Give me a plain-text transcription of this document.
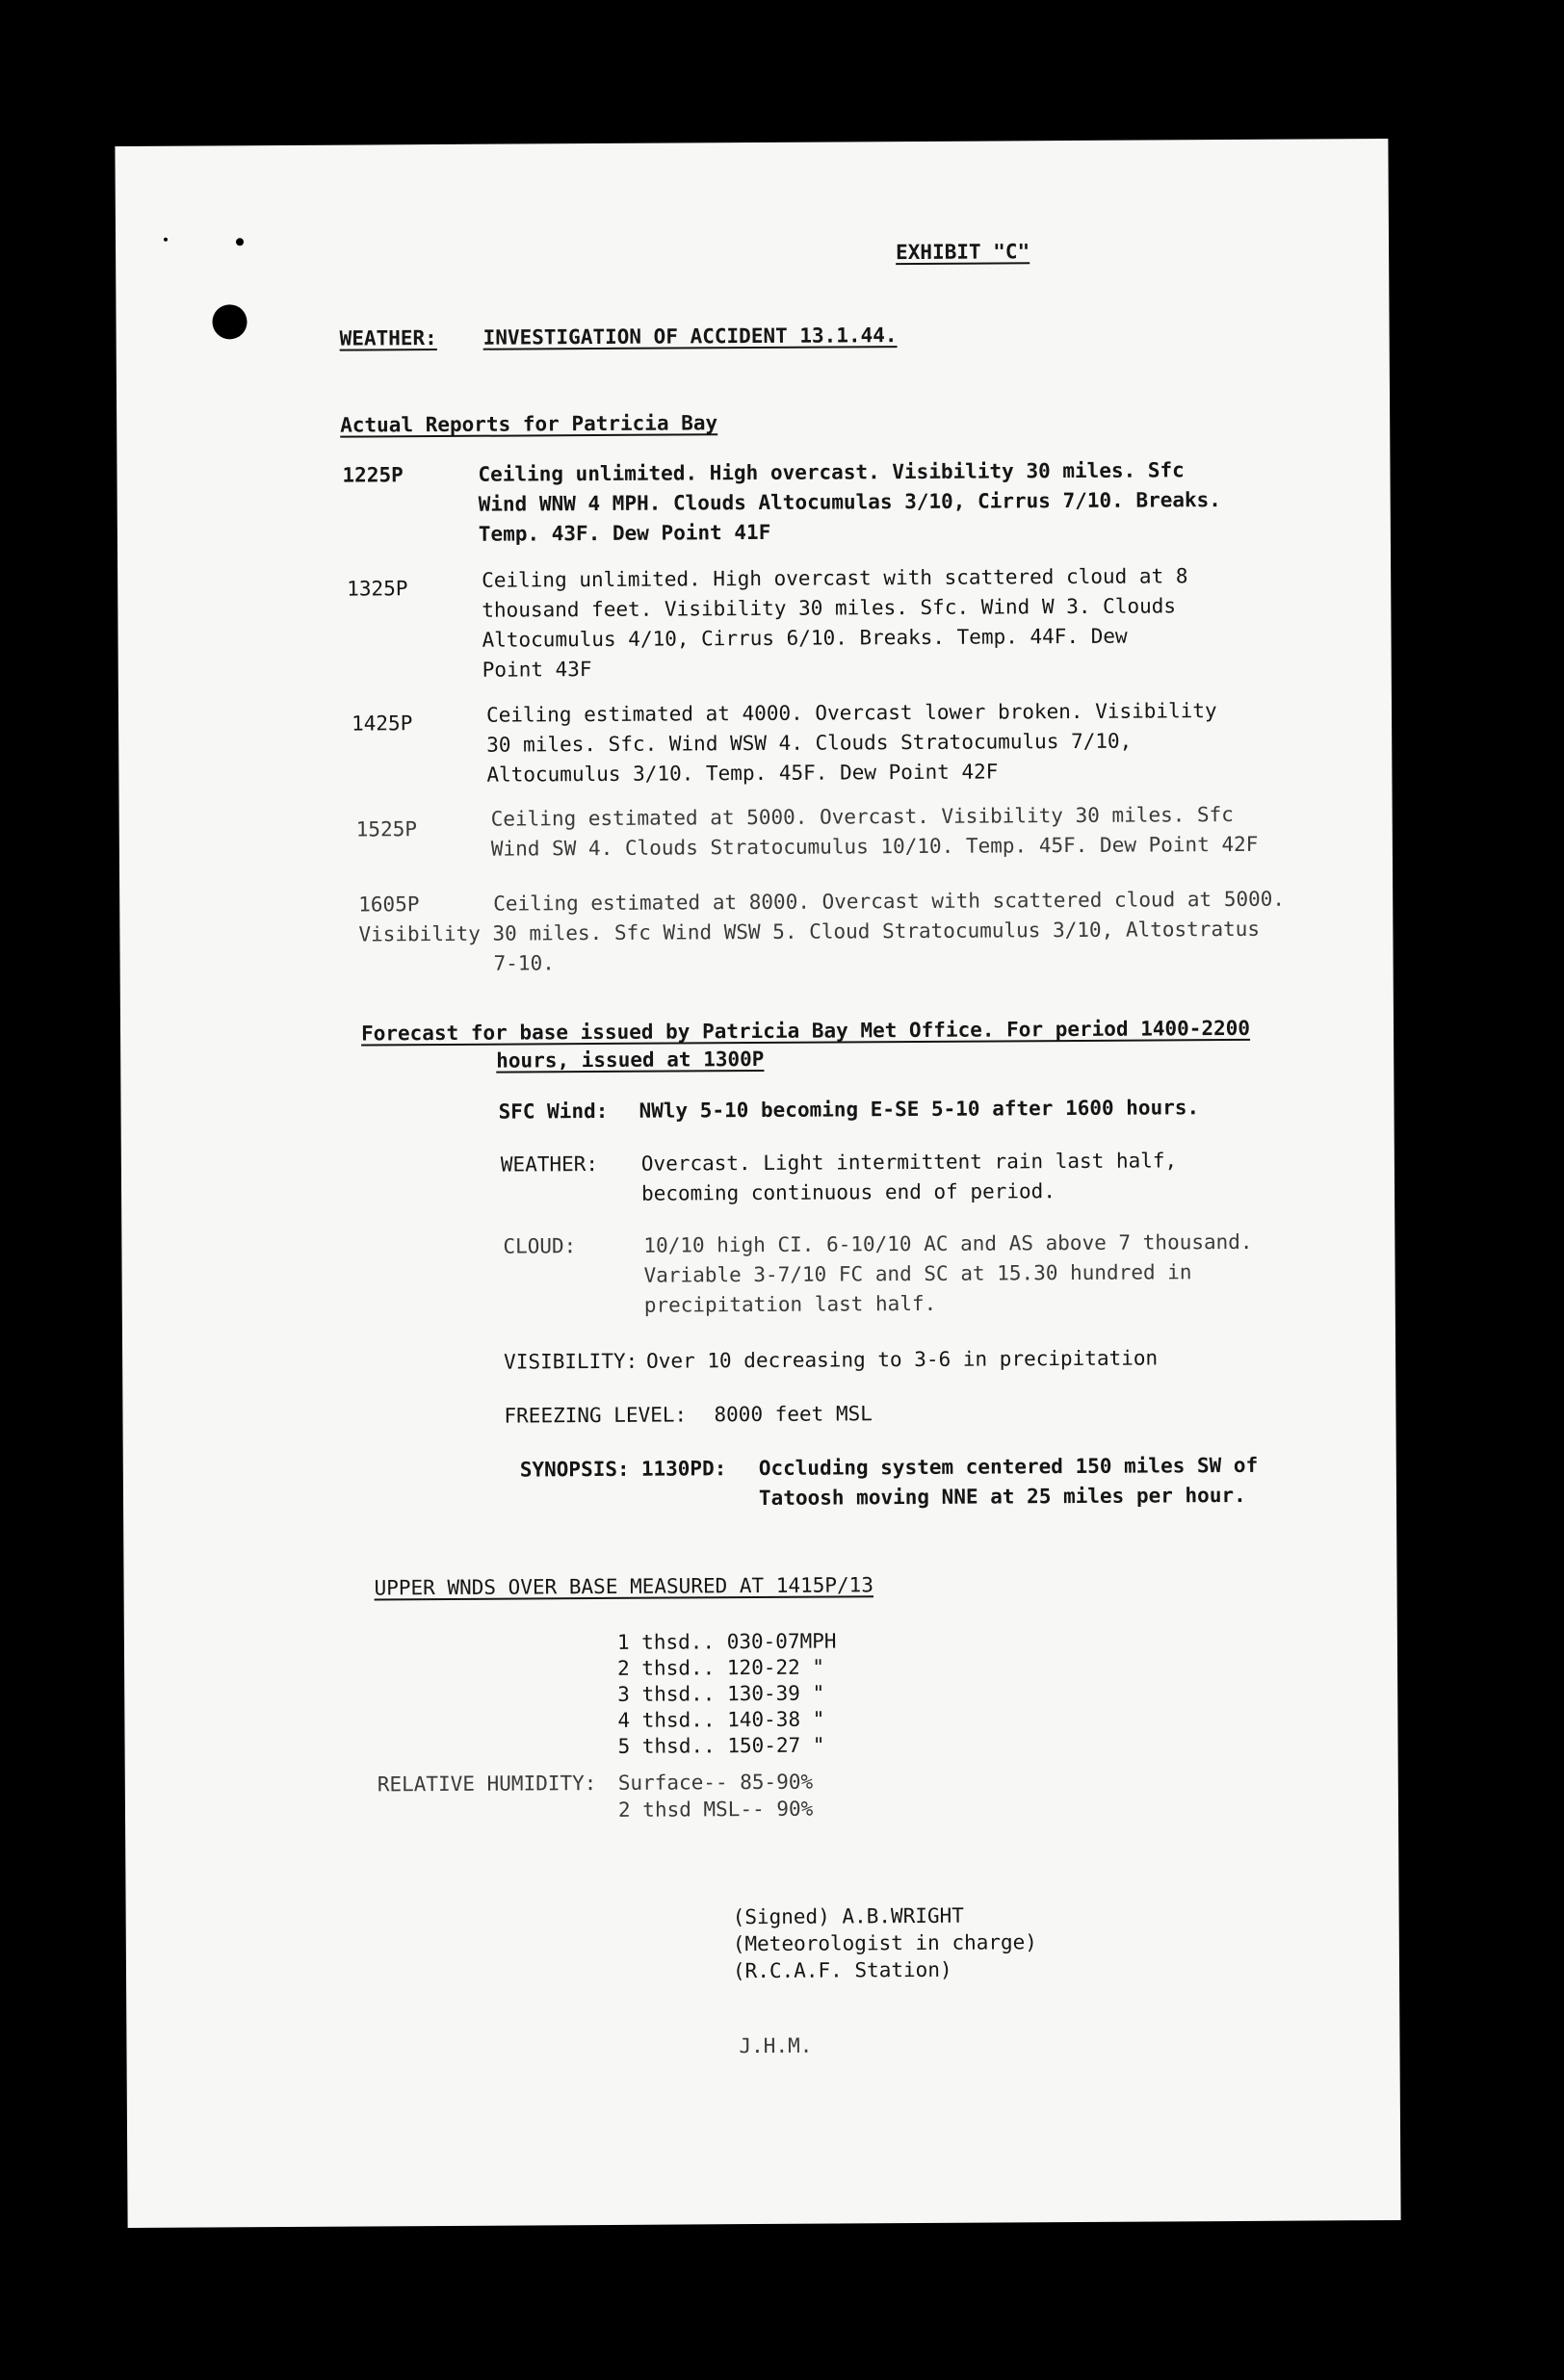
EXHIBIT "C"
WEATHER: INVESTIGATION OF ACCIDENT 13.1.44.
Actual Reports for Patricia Bay
1225P	Ceiling unlimited. High overcast. Visibility 30 miles. Sfc
Wind WNW 4 MPH. Clouds Altocumulas 3/10, Cirrus 7/10. Breaks.
Temp. 43F. Dew Point 41F
1325P	Ceiling unlimited. High overcast with scattered cloud at 8
thousand feet. Visibility 30 miles. Sfc. Wind W 3. Clouds
Altocumulus 4/10, Cirrus 6/10. Breaks. Temp. 44F. Dew
Point 43F
1425P	Ceiling estimated at 4000. Overcast lower broken. Visibility
30 miles. Sfc. Wind WSW 4. Clouds Stratocumulus 7/10,
Altocumulus 3/10. Temp. 45F. Dew Point 42F
1525P	Ceiling estimated at 5000. Overcast. Visibility 30 miles. Sfc
Wind SW 4. Clouds Stratocumulus 10/10. Temp. 45F. Dew Point 42F
1605P	Ceiling estimated at 8000. Overcast with scattered cloud at 5000.
Visibility 30 miles. Sfc Wind WSW 5. Cloud Stratocumulus 3/10, Altostratus
7-10.
Forecast for base issued by Patricia Bay Met Office. For period 1400-2200
hours, issued at 1300P
SFC Wind: NWly 5-10 becoming E-SE 5-10 after 1600 hours.
WEATHER: Overcast. Light intermittent rain last half,
becoming continuous end of period.
CLOUD:	10/10 high CI. 6-10/10 AC and AS above 7 thousand.
Variable 3-7/10 FC and SC at 15.30 hundred in
precipitation last half.
VISIBILITY: Over 10 decreasing to 3-6 in precipitation
FREEZING LEVEL: 8000 feet MSL
SYNOPSIS: 1130PD: Occluding system centered 150 miles SW of
Tatoosh moving NNE at 25 miles per hour.
UPPER WNDS OVER BASE MEASURED AT 1415P/13
1 thsd.. 030-07MPH
2 thsd.. 120-22 "
3 thsd.. 130-39 "
4 thsd.. 140-38 "
5 thsd.. 150-27 "
RELATIVE HUMIDITY: Surface-- 85-90%
2 thsd MSL-- 90%
(Signed) A.B.WRIGHT
(Meteorologist in charge)
(R.C.A.F. Station)
J.H.M.
